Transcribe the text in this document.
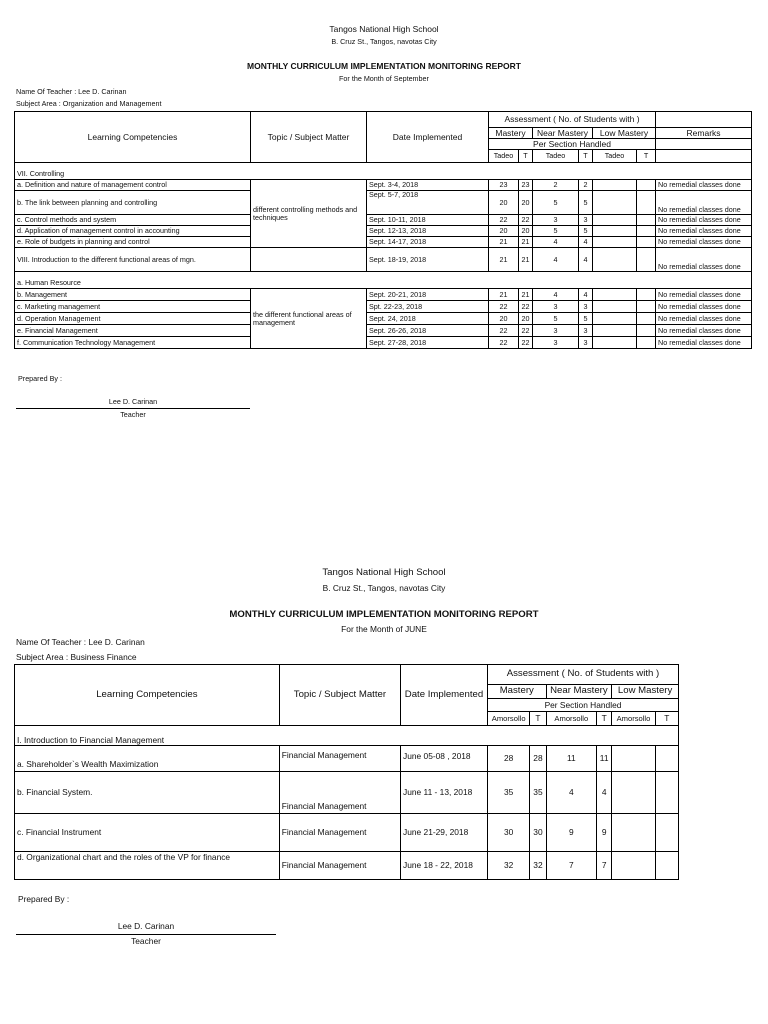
Tangos National High School
B. Cruz St., Tangos, navotas City
MONTHLY CURRICULUM IMPLEMENTATION MONITORING REPORT
For the Month of September
Name Of Teacher : Lee D. Carinan
Subject Area : Organization and Management
Learning Competencies	Topic / Subject Matter	Date Implemented	Assessment ( No. of Students with )						
			Mastery		Near Mastery		Low Mastery		Remarks
			Per Section Handled						
			Tadeo	T	Tadeo	T	Tadeo	T	

VII. Controlling									
a. Definition and nature of management control	different controlling methods and techniques	Sept. 3-4, 2018	23	23	2	2			No remedial classes done
b. The link between planning and controlling		Sept. 5-7, 2018	20	20	5	5			No remedial classes done
c. Control methods and system		Sept. 10-11, 2018	22	22	3	3			No remedial classes done
d. Application of management control in accounting		Sept. 12-13, 2018	20	20	5	5			No remedial classes done
e. Role of budgets in planning and control		Sept. 14-17, 2018	21	21	4	4			No remedial classes done
VIII. Introduction to the different functional areas of mgn.		Sept. 18-19, 2018	21	21	4	4			No remedial classes done

a. Human Resource									
b. Management	the different functional areas of management	Sept. 20-21, 2018	21	21	4	4			No remedial classes done
c. Marketing management		Spt. 22-23, 2018	22	22	3	3			No remedial classes done
d. Operation Management		Sept. 24, 2018	20	20	5	5			No remedial classes done
e. Financial Management		Sept. 26-26, 2018	22	22	3	3			No remedial classes done
f. Communication Technology Management		Sept. 27-28, 2018	22	22	3	3			No remedial classes done
Prepared By :
Lee D. Carinan
Teacher
Tangos National High School
B. Cruz St., Tangos, navotas City
MONTHLY CURRICULUM IMPLEMENTATION MONITORING REPORT
For the Month of JUNE
Name Of Teacher : Lee D. Carinan
Subject Area : Business Finance
Learning Competencies	Topic / Subject Matter	Date Implemented	Assessment ( No. of Students with )					
			Mastery		Near Mastery		Low Mastery	
			Per Section Handled					
			Amorsollo	T	Amorsollo	T	Amorsollo	T

I. Introduction to Financial Management								
a. Shareholder`s Wealth Maximization	Financial Management	June 05-08 , 2018	28	28	11	11		
b. Financial System.	Financial Management	June 11 - 13, 2018	35	35	4	4		
c. Financial Instrument	Financial Management	June 21-29, 2018	30	30	9	9		
d. Organizational chart and the roles of the VP for finance	Financial Management	June 18 - 22, 2018	32	32	7	7		
Prepared By :
Lee D. Carinan
Teacher
